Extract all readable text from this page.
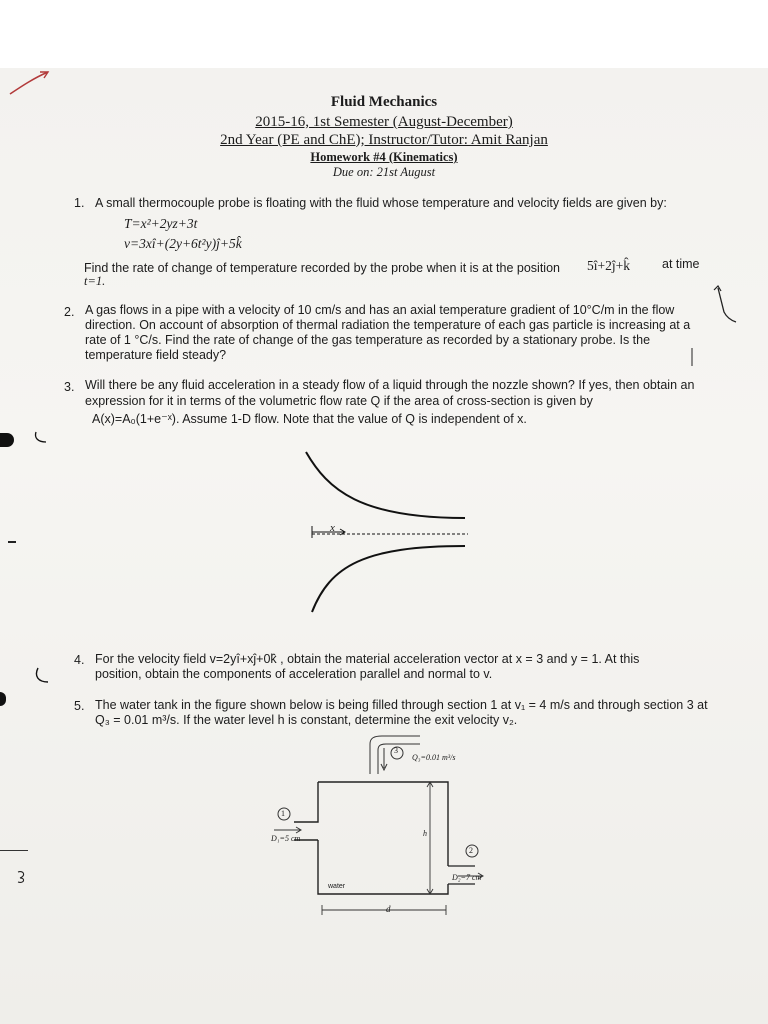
Fluid Mechanics
2015-16, 1st Semester (August-December)
2nd Year (PE and ChE); Instructor/Tutor: Amit Ranjan
Homework #4 (Kinematics)
Due on: 21st August
1. A small thermocouple probe is floating with the fluid whose temperature and velocity fields are given by:
T=x²+2yz+3t
v=3xî+(2y+6t²y)ĵ+5k̂
Find the rate of change of temperature recorded by the probe when it is at the position 5î+2ĵ+k̂	at time
t=1.
2. A gas flows in a pipe with a velocity of 10 cm/s and has an axial temperature gradient of 10°C/m in the flow
direction. On account of absorption of thermal radiation the temperature of each gas particle is increasing at a
rate of 1 °C/s. Find the rate of change of the gas temperature as recorded by a stationary probe. Is the
temperature field steady?
3. Will there be any fluid acceleration in a steady flow of a liquid through the nozzle shown? If yes, then obtain an
expression for it in terms of the volumetric flow rate Q if the area of cross-section is given by
A(x)=A₀(1+e⁻ˣ). Assume 1-D flow. Note that the value of Q is independent of x.
x
4. For the velocity field v=2yî+xĵ+0k̂ , obtain the material acceleration vector at x = 3 and y = 1. At this
position, obtain the components of acceleration parallel and normal to v.
5. The water tank in the figure shown below is being filled through section 1 at v₁ = 4 m/s and through section 3 at
Q₃ = 0.01 m³/s. If the water level h is constant, determine the exit velocity v₂.
3
Q₃=0.01 m³/s
1
D₁=5 cm
h
2
D₂=7 cm
water
d
